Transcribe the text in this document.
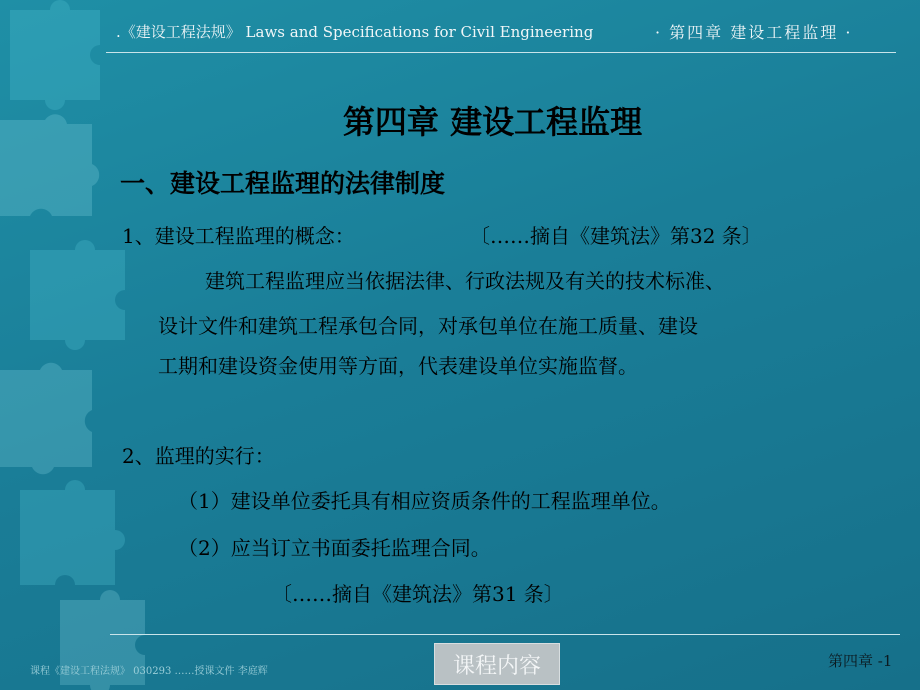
.《建设工程法规》 Laws and Specifications for Civil Engineering	· 第四章 建设工程监理 ·
第四章 建设工程监理
一、建设工程监理的法律制度
1、建设工程监理的概念：	〔……摘自《建筑法》第32 条〕
建筑工程监理应当依据法律、行政法规及有关的技术标准、
设计文件和建筑工程承包合同，对承包单位在施工质量、建设
工期和建设资金使用等方面，代表建设单位实施监督。
2、监理的实行：
（1）建设单位委托具有相应资质条件的工程监理单位。
（2）应当订立书面委托监理合同。
〔……摘自《建筑法》第31 条〕
课程《建设工程法规》 030293 ……授课文件 李庭辉	课程内容	第四章 -1
